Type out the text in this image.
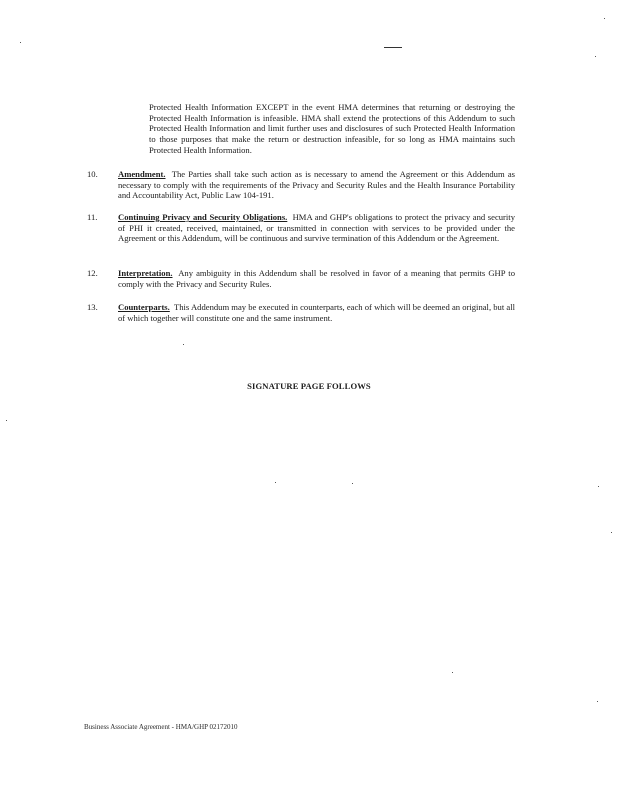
Protected Health Information EXCEPT in the event HMA determines that returning or destroying the Protected Health Information is infeasible. HMA shall extend the protections of this Addendum to such Protected Health Information and limit further uses and disclosures of such Protected Health Information to those purposes that make the return or destruction infeasible, for so long as HMA maintains such Protected Health Information.
10. Amendment. The Parties shall take such action as is necessary to amend the Agreement or this Addendum as necessary to comply with the requirements of the Privacy and Security Rules and the Health Insurance Portability and Accountability Act, Public Law 104-191.
11. Continuing Privacy and Security Obligations. HMA and GHP's obligations to protect the privacy and security of PHI it created, received, maintained, or transmitted in connection with services to be provided under the Agreement or this Addendum, will be continuous and survive termination of this Addendum or the Agreement.
12. Interpretation. Any ambiguity in this Addendum shall be resolved in favor of a meaning that permits GHP to comply with the Privacy and Security Rules.
13. Counterparts. This Addendum may be executed in counterparts, each of which will be deemed an original, but all of which together will constitute one and the same instrument.
SIGNATURE PAGE FOLLOWS
Business Associate Agreement - HMA/GHP 02172010
